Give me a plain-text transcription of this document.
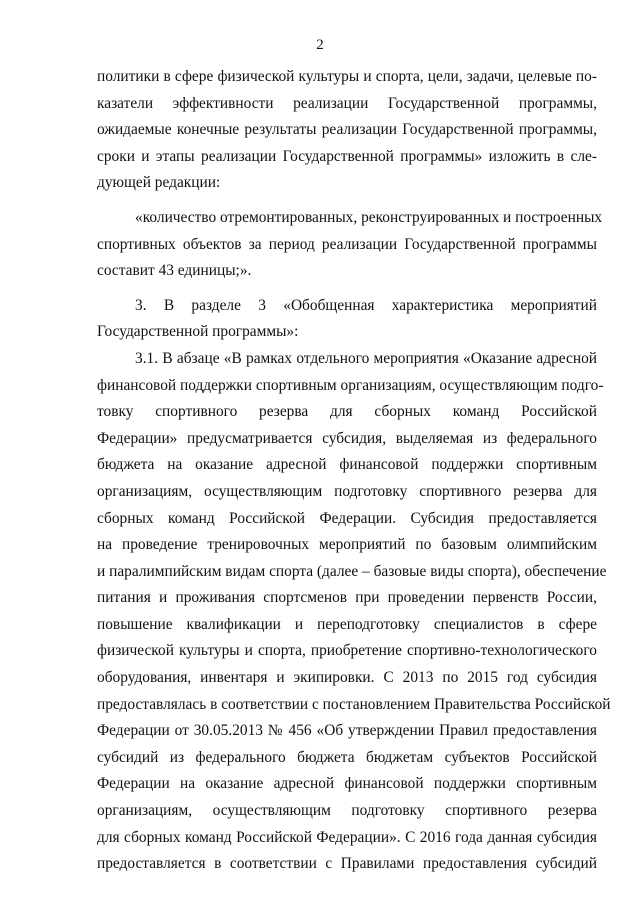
2
политики в сфере физической культуры и спорта, цели, задачи, целевые по-
казатели эффективности реализации Государственной программы,
ожидаемые конечные результаты реализации Государственной программы,
сроки и этапы реализации Государственной программы» изложить в сле-
дующей редакции:
«количество отремонтированных, реконструированных и построенных
спортивных объектов за период реализации Государственной программы
составит 43 единицы;».
3. В разделе 3 «Обобщенная характеристика мероприятий
Государственной программы»:
3.1. В абзаце «В рамках отдельного мероприятия «Оказание адресной
финансовой поддержки спортивным организациям, осуществляющим подго-
товку спортивного резерва для сборных команд Российской
Федерации» предусматривается субсидия, выделяемая из федерального
бюджета на оказание адресной финансовой поддержки спортивным
организациям, осуществляющим подготовку спортивного резерва для
сборных команд Российской Федерации. Субсидия предоставляется
на проведение тренировочных мероприятий по базовым олимпийским
и паралимпийским видам спорта (далее – базовые виды спорта), обеспечение
питания и проживания спортсменов при проведении первенств России,
повышение квалификации и переподготовку специалистов в сфере
физической культуры и спорта, приобретение спортивно-технологического
оборудования, инвентаря и экипировки. С 2013 по 2015 год субсидия
предоставлялась в соответствии с постановлением Правительства Российской
Федерации от 30.05.2013 № 456 «Об утверждении Правил предоставления
субсидий из федерального бюджета бюджетам субъектов Российской
Федерации на оказание адресной финансовой поддержки спортивным
организациям, осуществляющим подготовку спортивного резерва
для сборных команд Российской Федерации». С 2016 года данная субсидия
предоставляется в соответствии с Правилами предоставления субсидий
